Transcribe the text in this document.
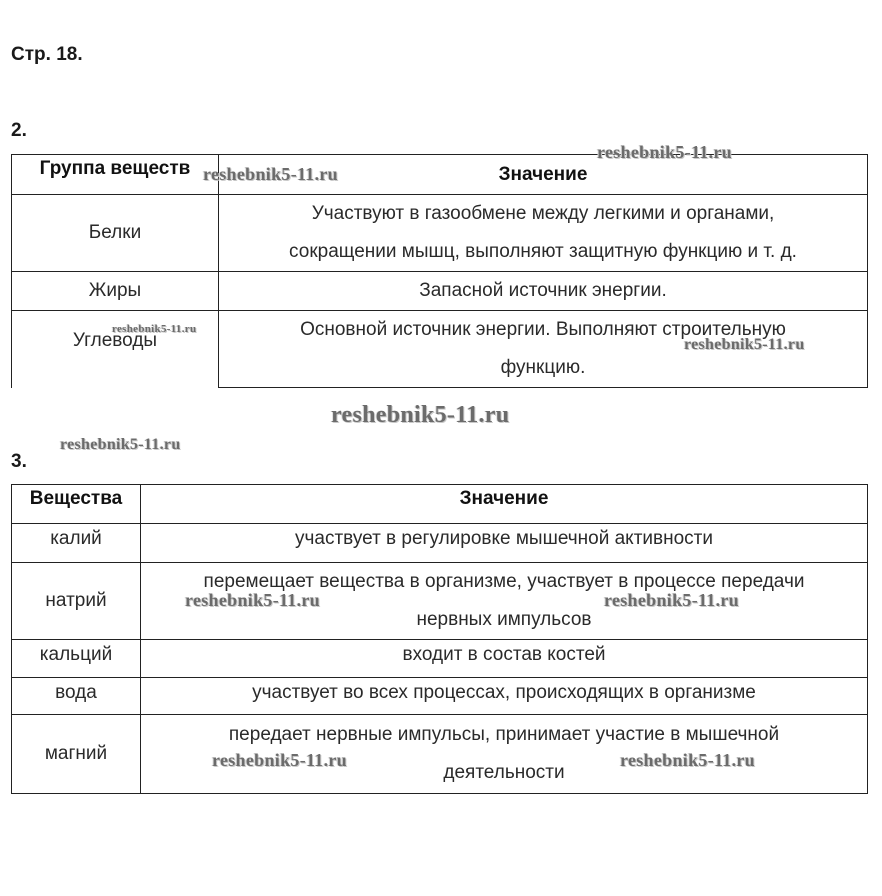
Стр. 18.
2.
Группа веществ	Значение
Белки	Участвуют в газообмене между легкими и органами,
сокращении мышц, выполняют защитную функцию и т. д.

Жиры	Запасной источник энергии.
Углеводы	Основной источник энергии. Выполняют строительную
функцию.
3.
Вещества	Значение
калий	участвует в регулировке мышечной активности
натрий	перемещает вещества в организме, участвует в процессе передачи
нервных импульсов

кальций	входит в состав костей
вода	участвует во всех процессах, происходящих в организме
магний	передает нервные импульсы, принимает участие в мышечной
деятельности
reshebnik5-11.ru
reshebnik5-11.ru
reshebnik5-11.ru
reshebnik5-11.ru
reshebnik5-11.ru
reshebnik5-11.ru
reshebnik5-11.ru	reshebnik5-11.ru
reshebnik5-11.ru	reshebnik5-11.ru
